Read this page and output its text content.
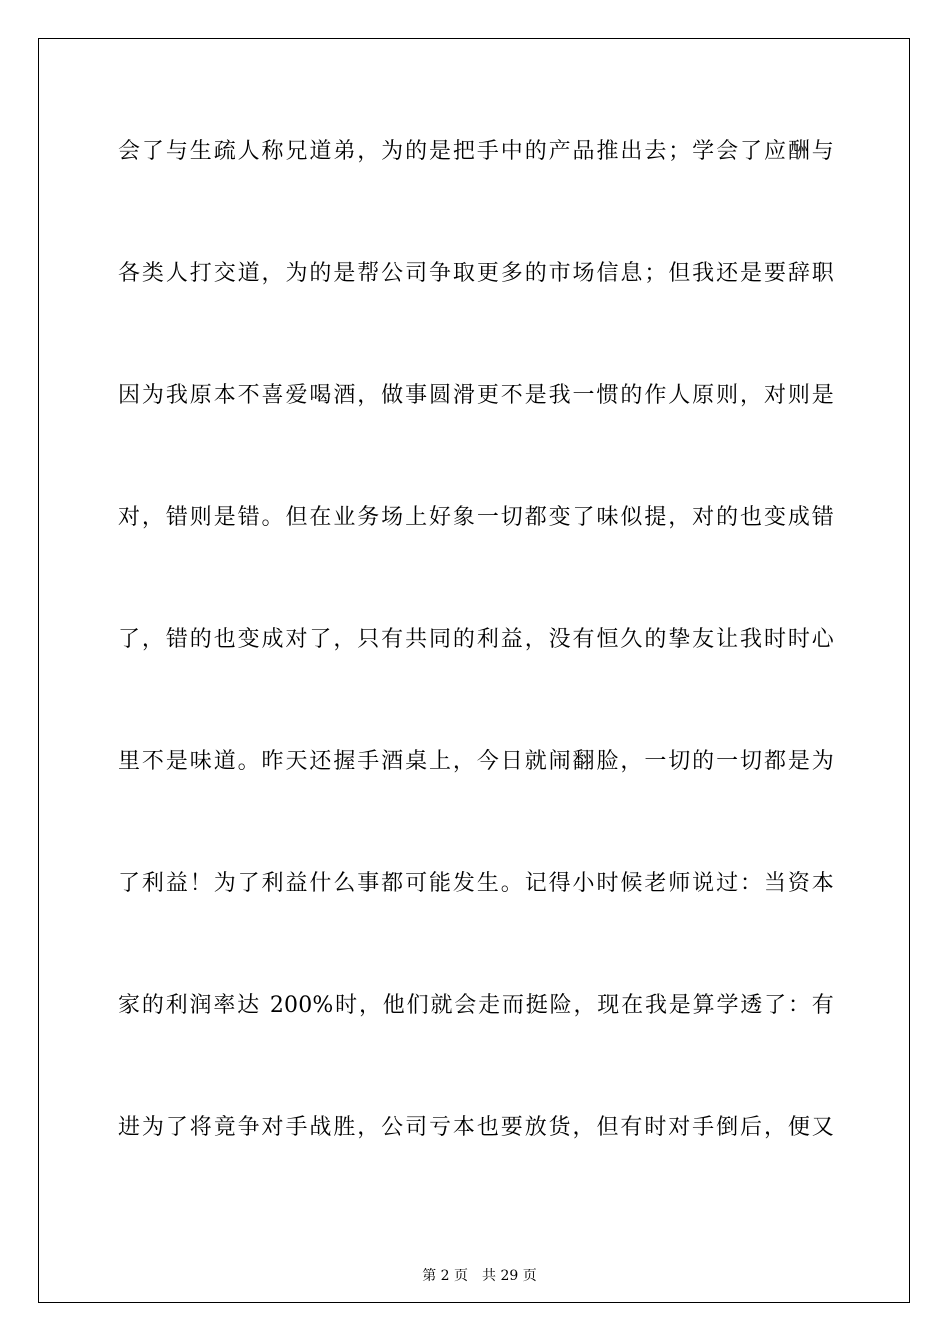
会了与生疏人称兄道弟，为的是把手中的产品推出去；学会了应酬与
各类人打交道，为的是帮公司争取更多的市场信息；但我还是要辞职
因为我原本不喜爱喝酒，做事圆滑更不是我一惯的作人原则，对则是
对，错则是错。但在业务场上好象一切都变了味似提，对的也变成错
了，错的也变成对了，只有共同的利益，没有恒久的挚友让我时时心
里不是味道。昨天还握手酒桌上，今日就闹翻脸，一切的一切都是为
了利益！为了利益什么事都可能发生。记得小时候老师说过：当资本
家的利润率达 200%时，他们就会走而挺险，现在我是算学透了：有
进为了将竟争对手战胜，公司亏本也要放货，但有时对手倒后，便又

第 2 页 共 29 页
